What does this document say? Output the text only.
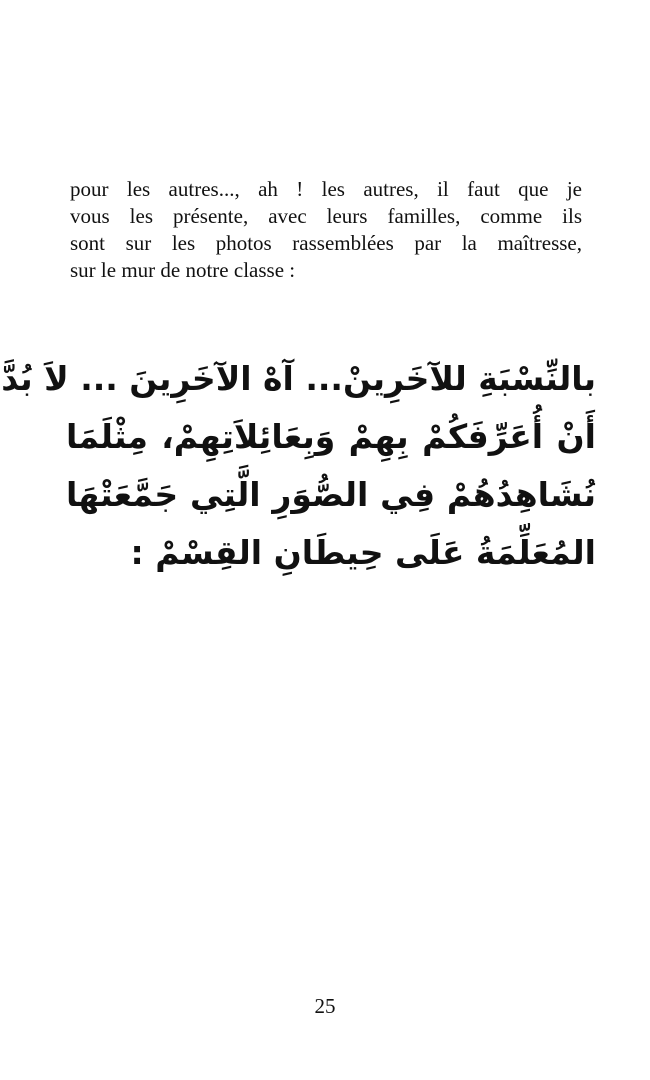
pour les autres..., ah ! les autres, il faut que je
vous les présente, avec leurs familles, comme ils
sont sur les photos rassemblées par la maîtresse,
sur le mur de notre classe :
بالنِّسْبَةِ للآخَرِينْ... آهْ الآخَرِينَ ... لاَ بُدَّ
أَنْ أُعَرِّفَكُمْ بِهِمْ وَبِعَائِلاَتِهِمْ، مِثْلَمَا
نُشَاهِدُهُمْ فِي الصُّوَرِ الَّتِي جَمَّعَتْهَا
المُعَلِّمَةُ عَلَى حِيطَانِ القِسْمْ :
25
